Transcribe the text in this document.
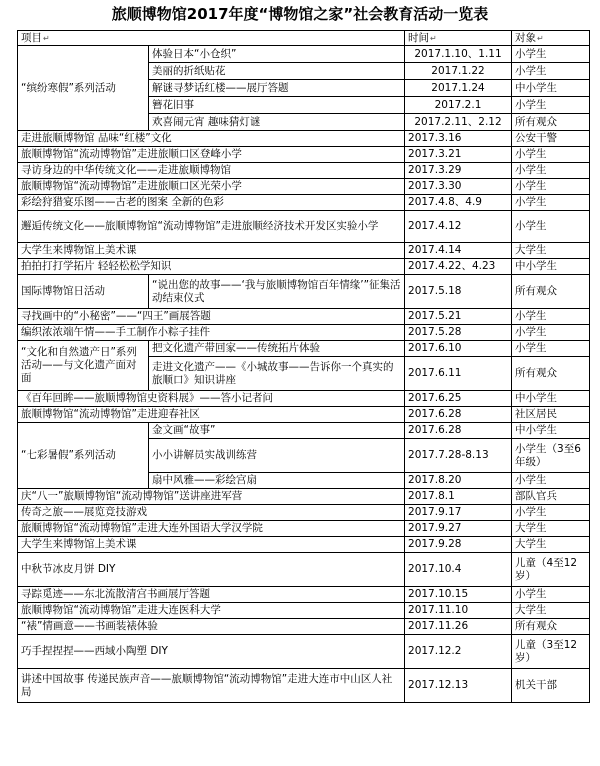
旅顺博物馆2017年度“博物馆之家”社会教育活动一览表
项目↵		时间↵	对象↵
“缤纷寒假”系列活动	体验日本“小仓织”	2017.1.10、1.11	小学生
	美丽的折纸贴花	2017.1.22	小学生
	解谜寻梦话红楼——展厅答题	2017.1.24	中小学生
	簪花旧事	2017.2.1	小学生
	欢喜闹元宵 趣味猜灯谜	2017.2.11、2.12	所有观众
走进旅顺博物馆 品味“红楼”文化		2017.3.16	公安干警
旅顺博物馆“流动博物馆”走进旅顺口区登峰小学		2017.3.21	小学生
寻访身边的中华传统文化——走进旅顺博物馆		2017.3.29	小学生
旅顺博物馆“流动博物馆”走进旅顺口区光荣小学		2017.3.30	小学生
彩绘狩猎宴乐图——古老的图案 全新的色彩		2017.4.8、4.9	小学生
邂逅传统文化——旅顺博物馆“流动博物馆”走进旅顺经济技术开发区实验小学		2017.4.12	小学生
大学生来博物馆上美术课		2017.4.14	大学生
拍拍打打学拓片 轻轻松松学知识		2017.4.22、4.23	中小学生
国际博物馆日活动	“说出您的故事——‘我与旅顺博物馆百年情缘’”征集活动结束仪式	2017.5.18	所有观众
寻找画中的“小秘密”——“四王”画展答题		2017.5.21	小学生
编织浓浓端午情——手工制作小粽子挂件		2017.5.28	小学生
“文化和自然遗产日”系列活动——与文化遗产面对面	把文化遗产带回家——传统拓片体验	2017.6.10	小学生
	走进文化遗产——《小城故事——告诉你一个真实的旅顺口》知识讲座	2017.6.11	所有观众
《百年回眸——旅顺博物馆史资料展》——答小记者问		2017.6.25	中小学生
旅顺博物馆“流动博物馆”走进迎春社区		2017.6.28	社区居民
“七彩暑假”系列活动	金文画“故事”	2017.6.28	中小学生
	小小讲解员实战训练营	2017.7.28-8.13	小学生（3至6年级）
	扇中风雅——彩绘宫扇	2017.8.20	小学生
庆“八一”旅顺博物馆“流动博物馆”送讲座进军营		2017.8.1	部队官兵
传奇之旅——展览竞技游戏		2017.9.17	小学生
旅顺博物馆“流动博物馆”走进大连外国语大学汉学院		2017.9.27	大学生
大学生来博物馆上美术课		2017.9.28	大学生
中秋节冰皮月饼 DIY		2017.10.4	儿童（4至12岁）
寻踪觅迹——东北流散清宫书画展厅答题		2017.10.15	小学生
旅顺博物馆“流动博物馆”走进大连医科大学		2017.11.10	大学生
“裱”情画意——书画装裱体验		2017.11.26	所有观众
巧手捏捏捏——西域小陶塑 DIY		2017.12.2	儿童（3至12岁）
讲述中国故事 传递民族声音——旅顺博物馆“流动博物馆”走进大连市中山区人社局		2017.12.13	机关干部
